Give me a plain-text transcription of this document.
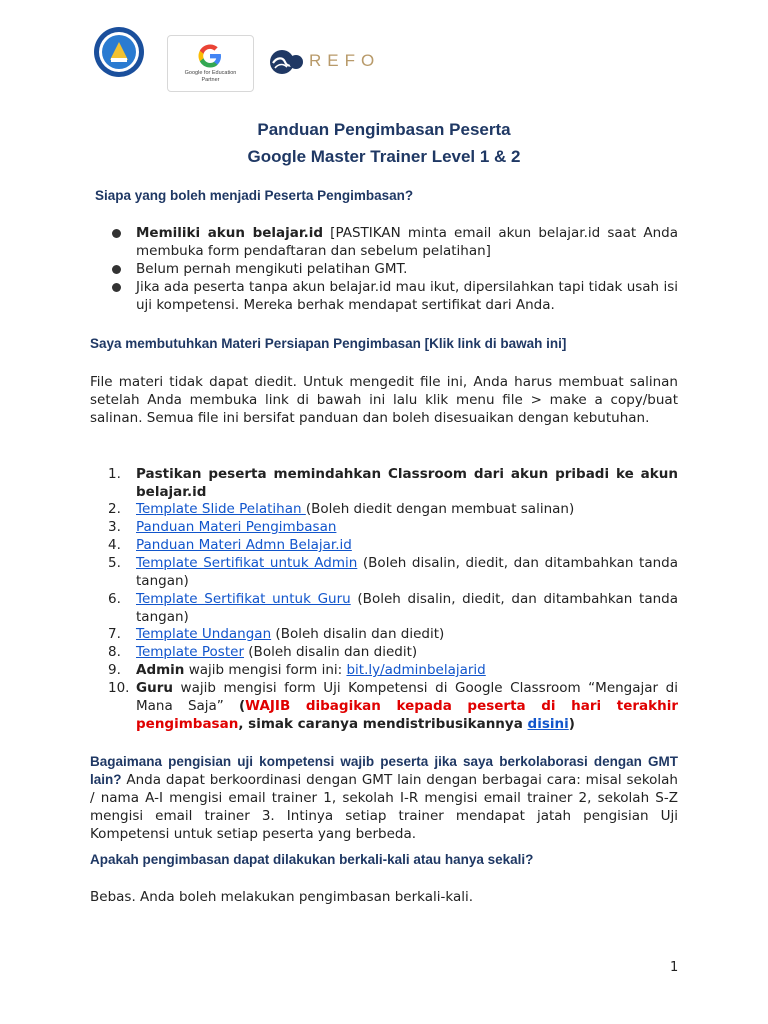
Google for Education
Partner
REFO
Panduan Pengimbasan Peserta
Google Master Trainer Level 1 & 2
Siapa yang boleh menjadi Peserta Pengimbasan?
Memiliki akun belajar.id [PASTIKAN minta email akun belajar.id saat Anda membuka form pendaftaran dan sebelum pelatihan]
Belum pernah mengikuti pelatihan GMT.
Jika ada peserta tanpa akun belajar.id mau ikut, dipersilahkan tapi tidak usah isi uji kompetensi. Mereka berhak mendapat sertifikat dari Anda.
Saya membutuhkan Materi Persiapan Pengimbasan [Klik link di bawah ini]
File materi tidak dapat diedit. Untuk mengedit file ini, Anda harus membuat salinan setelah Anda membuka link di bawah ini lalu klik menu file > make a copy/buat salinan. Semua file ini bersifat panduan dan boleh disesuaikan dengan kebutuhan.
1.	Pastikan peserta memindahkan Classroom dari akun pribadi ke akun belajar.id
2.	Template Slide Pelatihan (Boleh diedit dengan membuat salinan)
3.	Panduan Materi Pengimbasan
4.	Panduan Materi Admn Belajar.id
5.	Template Sertifikat untuk Admin (Boleh disalin, diedit, dan ditambahkan tanda tangan)
6.	Template Sertifikat untuk Guru (Boleh disalin, diedit, dan ditambahkan tanda tangan)
7.	Template Undangan (Boleh disalin dan diedit)
8.	Template Poster (Boleh disalin dan diedit)
9.	Admin wajib mengisi form ini: bit.ly/adminbelajarid
10. Guru wajib mengisi form Uji Kompetensi di Google Classroom “Mengajar di Mana Saja” (WAJIB dibagikan kepada peserta di hari terakhir pengimbasan, simak caranya mendistribusikannya disini)
Bagaimana pengisian uji kompetensi wajib peserta jika saya berkolaborasi dengan GMT lain? Anda dapat berkoordinasi dengan GMT lain dengan berbagai cara: misal sekolah / nama A-I mengisi email trainer 1, sekolah I-R mengisi email trainer 2, sekolah S-Z mengisi email trainer 3. Intinya setiap trainer mendapat jatah pengisian Uji Kompetensi untuk setiap peserta yang berbeda.
Apakah pengimbasan dapat dilakukan berkali-kali atau hanya sekali?
Bebas. Anda boleh melakukan pengimbasan berkali-kali.
1
